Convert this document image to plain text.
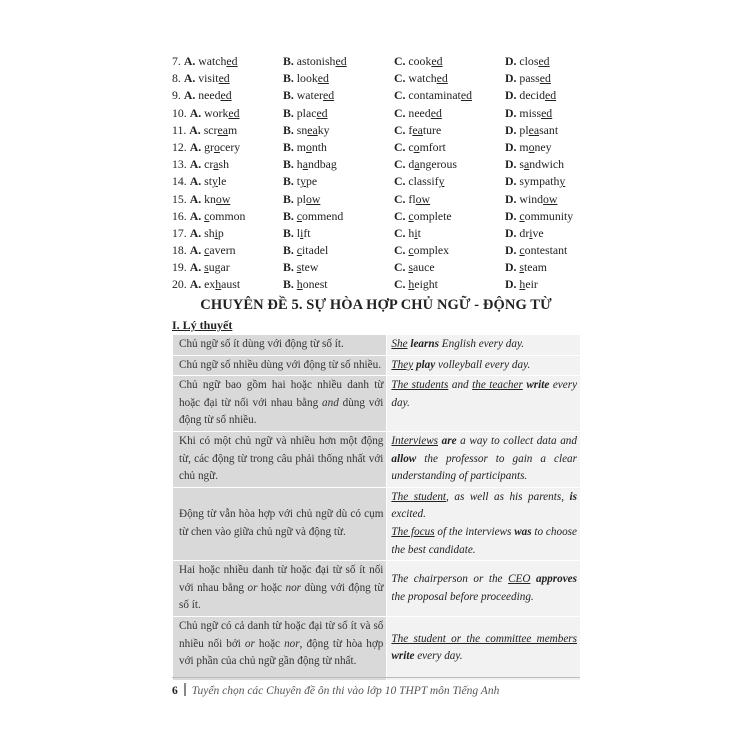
7. A. watched	B. astonished	C. cooked	D. closed
8. A. visited	B. looked	C. watched	D. passed
9. A. needed	B. watered	C. contaminated	D. decided
10. A. worked	B. placed	C. needed	D. missed
11. A. scream	B. sneaky	C. feature	D. pleasant
12. A. grocery	B. month	C. comfort	D. money
13. A. crash	B. handbag	C. dangerous	D. sandwich
14. A. style	B. type	C. classify	D. sympathy
15. A. know	B. plow	C. flow	D. window
16. A. common	B. commend	C. complete	D. community
17. A. ship	B. lift	C. hit	D. drive
18. A. cavern	B. citadel	C. complex	D. contestant
19. A. sugar	B. stew	C. sauce	D. steam
20. A. exhaust	B. honest	C. height	D. heir
CHUYÊN ĐỀ 5. SỰ HÒA HỢP CHỦ NGỮ - ĐỘNG TỪ
I. Lý thuyết
Chủ ngữ số ít dùng với động từ số ít.	She learns English every day.

Chủ ngữ số nhiều dùng với động từ số nhiều.	They play volleyball every day.

Chủ ngữ bao gồm hai hoặc nhiều danh từ hoặc đại từ nối với nhau bằng and dùng với động từ số nhiều.	The students and the teacher write every day.

Khi có một chủ ngữ và nhiều hơn một động từ, các động từ trong câu phải thống nhất với chủ ngữ.	Interviews are a way to collect data and allow the professor to gain a clear understanding of participants.

Động từ vẫn hòa hợp với chủ ngữ dù có cụm từ chen vào giữa chủ ngữ và động từ.	The student, as well as his parents, is excited.
The focus of the interviews was to choose the best candidate.

Hai hoặc nhiều danh từ hoặc đại từ số ít nối với nhau bằng or hoặc nor dùng với động từ số ít.	The chairperson or the CEO approves the proposal before proceeding.

Chủ ngữ có cả danh từ hoặc đại từ số ít và số nhiều nối bởi or hoặc nor, động từ hòa hợp với phần của chủ ngữ gần động từ nhất.	The student or the committee members write every day.
6 Tuyển chọn các Chuyên đề ôn thi vào lớp 10 THPT môn Tiếng Anh
